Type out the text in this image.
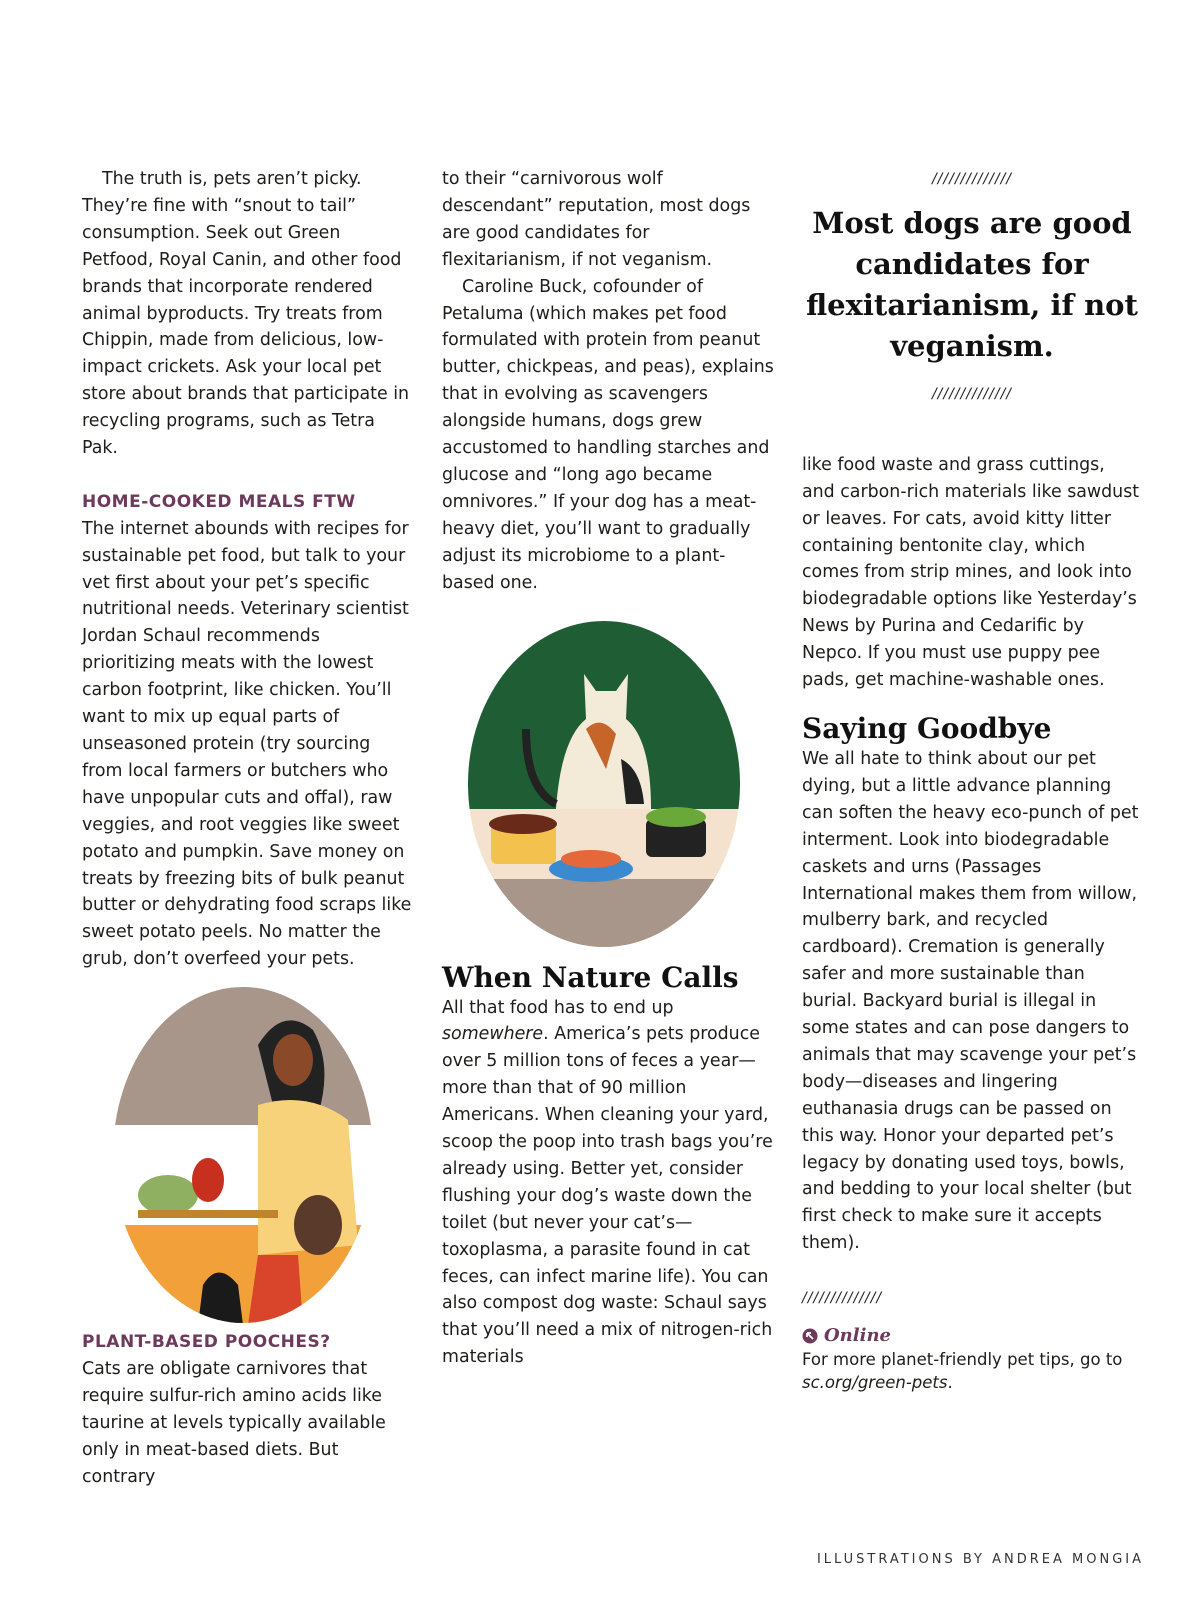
The truth is, pets aren’t picky. They’re fine with “snout to tail” consumption. Seek out Green Petfood, Royal Canin, and other food brands that incorporate rendered animal byproducts. Try treats from Chippin, made from delicious, low-impact crickets. Ask your local pet store about brands that participate in recycling programs, such as Tetra Pak.

HOME-COOKED MEALS FTW

The internet abounds with recipes for sustainable pet food, but talk to your vet first about your pet’s specific nutritional needs. Veterinary scientist Jordan Schaul recommends prioritizing meats with the lowest carbon footprint, like chicken. You’ll want to mix up equal parts of unseasoned protein (try sourcing from local farmers or butchers who have unpopular cuts and offal), raw veggies, and root veggies like sweet potato and pumpkin. Save money on treats by freezing bits of bulk peanut butter or dehydrating food scraps like sweet potato peels. No matter the grub, don’t overfeed your pets.

PLANT-BASED POOCHES?

Cats are obligate carnivores that require sulfur-rich amino acids like taurine at levels typically available only in meat-based diets. But contrary

to their “carnivorous wolf descendant” reputation, most dogs are good candidates for flexitarianism, if not veganism.

Caroline Buck, cofounder of Petaluma (which makes pet food formulated with protein from peanut butter, chickpeas, and peas), explains that in evolving as scavengers alongside humans, dogs grew accustomed to handling starches and glucose and “long ago became omnivores.” If your dog has a meat-heavy diet, you’ll want to gradually adjust its microbiome to a plant-based one.

When Nature Calls

All that food has to end up somewhere. America’s pets produce over 5 million tons of feces a year—more than that of 90 million Americans. When cleaning your yard, scoop the poop into trash bags you’re already using. Better yet, consider flushing your dog’s waste down the toilet (but never your cat’s—toxoplasma, a parasite found in cat feces, can infect marine life). You can also compost dog waste: Schaul says that you’ll need a mix of nitrogen-rich materials

//////////////

Most dogs are good candidates for flexitarianism, if not veganism.

//////////////

like food waste and grass cuttings, and carbon-rich materials like sawdust or leaves. For cats, avoid kitty litter containing bentonite clay, which comes from strip mines, and look into biodegradable options like Yesterday’s News by Purina and Cedarific by Nepco. If you must use puppy pee pads, get machine-washable ones.

Saying Goodbye

We all hate to think about our pet dying, but a little advance planning can soften the heavy eco-punch of pet interment. Look into biodegradable caskets and urns (Passages International makes them from willow, mulberry bark, and recycled cardboard). Cremation is generally safer and more sustainable than burial. Backyard burial is illegal in some states and can pose dangers to animals that may scavenge your pet’s body—diseases and lingering euthanasia drugs can be passed on this way. Honor your departed pet’s legacy by donating used toys, bowls, and bedding to your local shelter (but first check to make sure it accepts them).

//////////////

Online

For more planet-friendly pet tips, go to sc.org/green-pets.

ILLUSTRATIONS BY ANDREA MONGIA
